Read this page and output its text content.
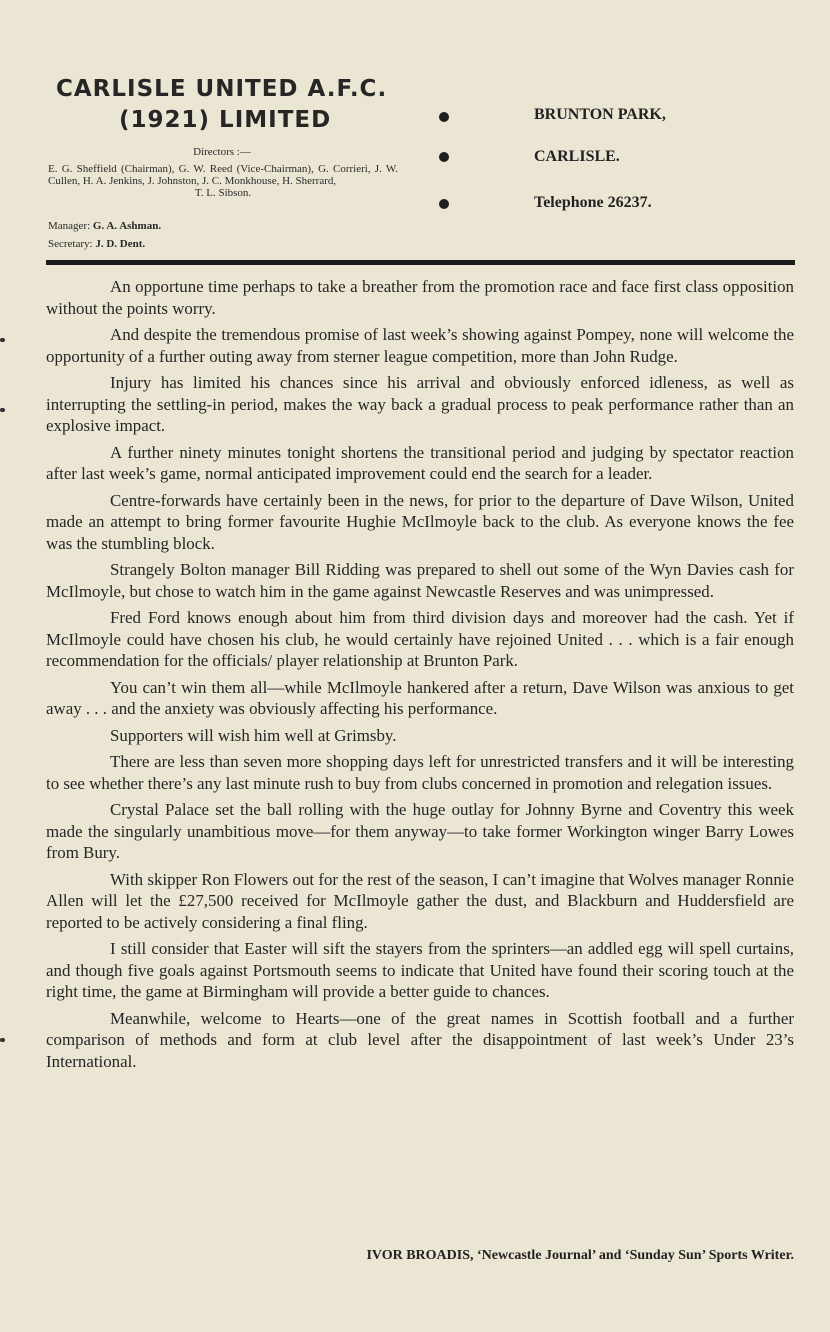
CARLISLE UNITED A.F.C.
(1921) LIMITED
Directors :—
E. G. Sheffield (Chairman), G. W. Reed (Vice-Chairman), G. Corrieri, J. W. Cullen, H. A. Jenkins, J. Johnston, J. C. Monkhouse, H. Sherrard,
T. L. Sibson.
Manager: G. A. Ashman.
Secretary: J. D. Dent.
BRUNTON PARK,
CARLISLE.
Telephone 26237.

An opportune time perhaps to take a breather from the promotion race and face first class opposition without the points worry.

And despite the tremendous promise of last week’s showing against Pompey, none will welcome the opportunity of a further outing away from sterner league competition, more than John Rudge.

Injury has limited his chances since his arrival and obviously enforced idleness, as well as interrupting the settling-in period, makes the way back a gradual process to peak performance rather than an explosive impact.

A further ninety minutes tonight shortens the transitional period and judging by spectator reaction after last week’s game, normal anticipated improvement could end the search for a leader.

Centre-forwards have certainly been in the news, for prior to the departure of Dave Wilson, United made an attempt to bring former favourite Hughie McIlmoyle back to the club. As everyone knows the fee was the stumbling block.

Strangely Bolton manager Bill Ridding was prepared to shell out some of the Wyn Davies cash for McIlmoyle, but chose to watch him in the game against Newcastle Reserves and was unimpressed.

Fred Ford knows enough about him from third division days and moreover had the cash. Yet if McIlmoyle could have chosen his club, he would certainly have rejoined United . . . which is a fair enough recommendation for the officials/ player relationship at Brunton Park.

You can’t win them all—while McIlmoyle hankered after a return, Dave Wilson was anxious to get away . . . and the anxiety was obviously affecting his performance.

Supporters will wish him well at Grimsby.

There are less than seven more shopping days left for unrestricted transfers and it will be interesting to see whether there’s any last minute rush to buy from clubs concerned in promotion and relegation issues.

Crystal Palace set the ball rolling with the huge outlay for Johnny Byrne and Coventry this week made the singularly unambitious move—for them anyway—to take former Workington winger Barry Lowes from Bury.

With skipper Ron Flowers out for the rest of the season, I can’t imagine that Wolves manager Ronnie Allen will let the £27,500 received for McIlmoyle gather the dust, and Blackburn and Huddersfield are reported to be actively considering a final fling.

I still consider that Easter will sift the stayers from the sprinters—an addled egg will spell curtains, and though five goals against Portsmouth seems to indicate that United have found their scoring touch at the right time, the game at Birmingham will provide a better guide to chances.

Meanwhile, welcome to Hearts—one of the great names in Scottish football and a further comparison of methods and form at club level after the disappointment of last week’s Under 23’s International.

IVOR BROADIS, ‘Newcastle Journal’ and ‘Sunday Sun’ Sports Writer.
